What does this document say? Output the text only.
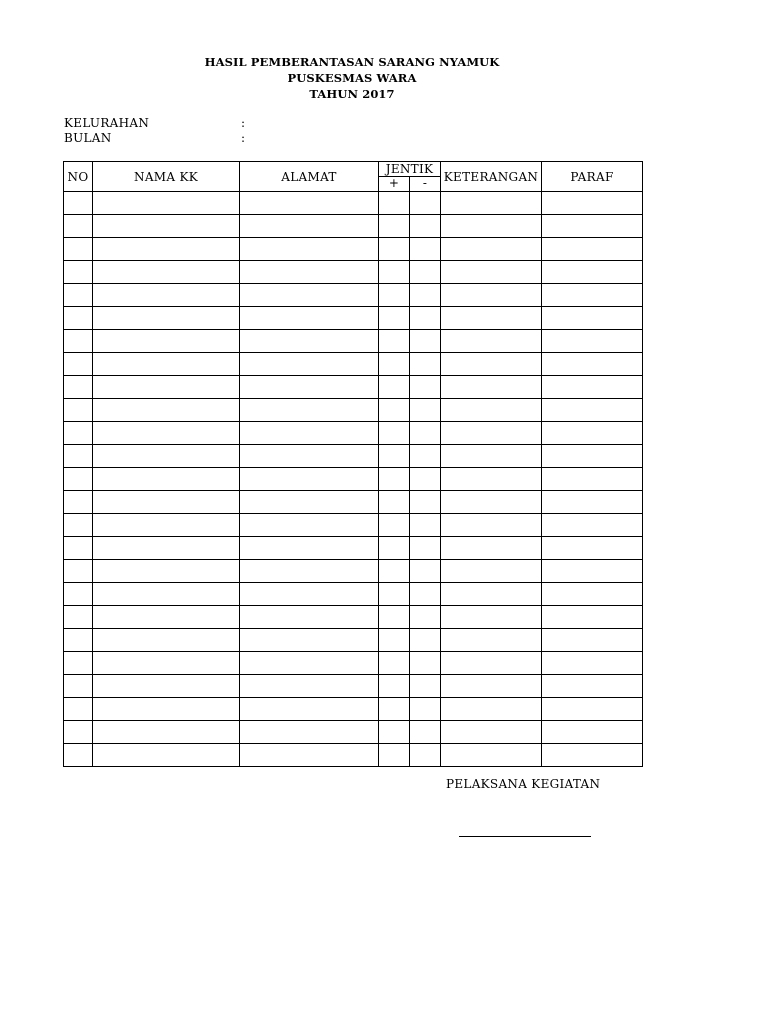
HASIL PEMBERANTASAN SARANG NYAMUK
PUSKESMAS WARA
TAHUN 2017
KELURAHAN	:
BULAN	:
NO	NAMA KK	ALAMAT	JENTIK		KETERANGAN	PARAF
			+	-		

PELAKSANA KEGIATAN
